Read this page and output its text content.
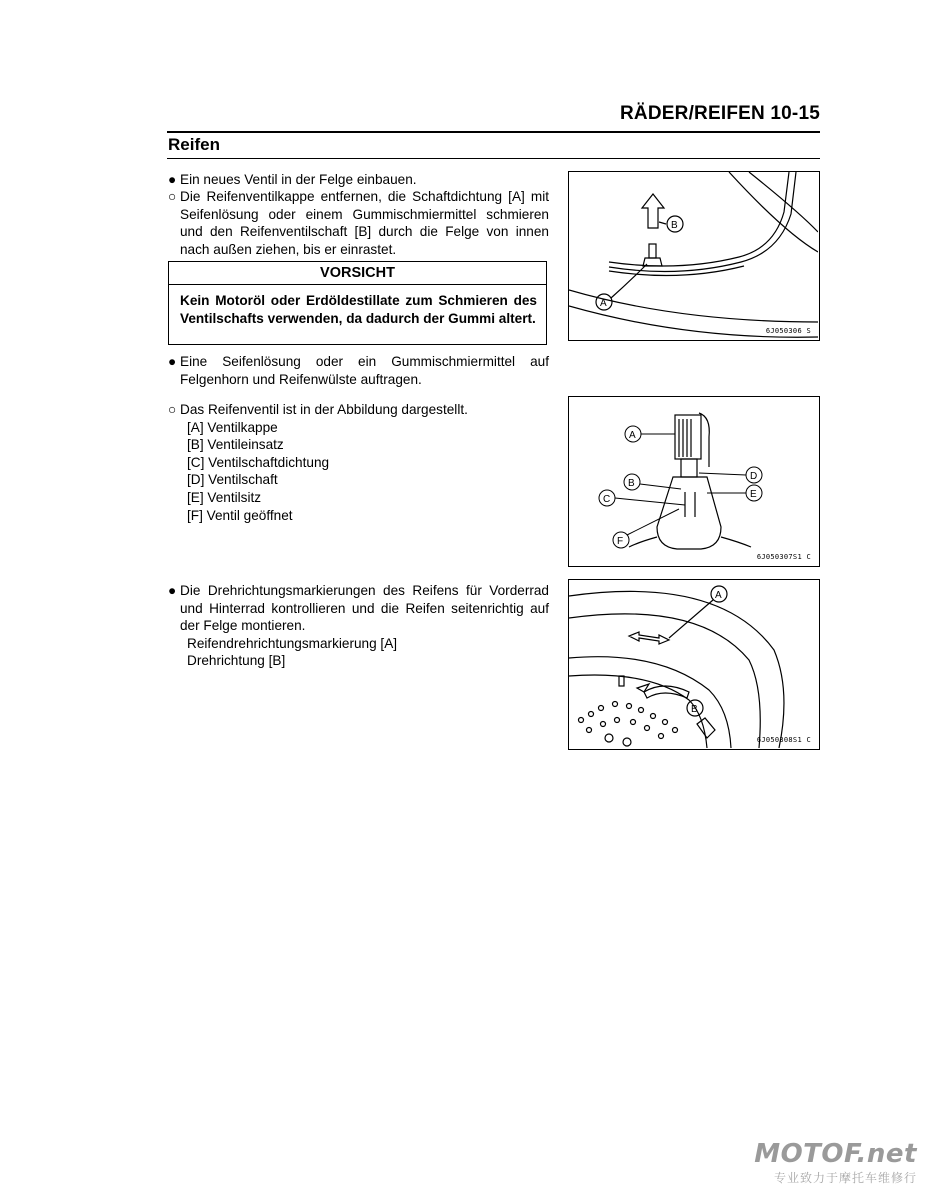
RÄDER/REIFEN 10-15
Reifen
● Ein neues Ventil in der Felge einbauen.
○ Die Reifenventilkappe entfernen, die Schaftdichtung [A] mit Seifenlösung oder einem Gummischmiermittel schmieren und den Reifenventilschaft [B] durch die Felge von innen nach außen ziehen, bis er einrastet.
VORSICHT
Kein Motoröl oder Erdöldestillate zum Schmieren des Ventilschafts verwenden, da dadurch der Gummi altert.
● Eine Seifenlösung oder ein Gummischmiermittel auf Felgenhorn und Reifenwülste auftragen.
○ Das Reifenventil ist in der Abbildung dargestellt.
[A] Ventilkappe
[B] Ventileinsatz
[C] Ventilschaftdichtung
[D] Ventilschaft
[E] Ventilsitz
[F] Ventil geöffnet
● Die Drehrichtungsmarkierungen des Reifens für Vorderrad und Hinterrad kontrollieren und die Reifen seitenrichtig auf der Felge montieren.
Reifendrehrichtungsmarkierung [A]
Drehrichtung [B]
B
A
6J050306 S
A
B
C
D
E
F
6J050307S1 C
A
B
6J050308S1 C
MOTOF.net
专业致力于摩托车维修行
